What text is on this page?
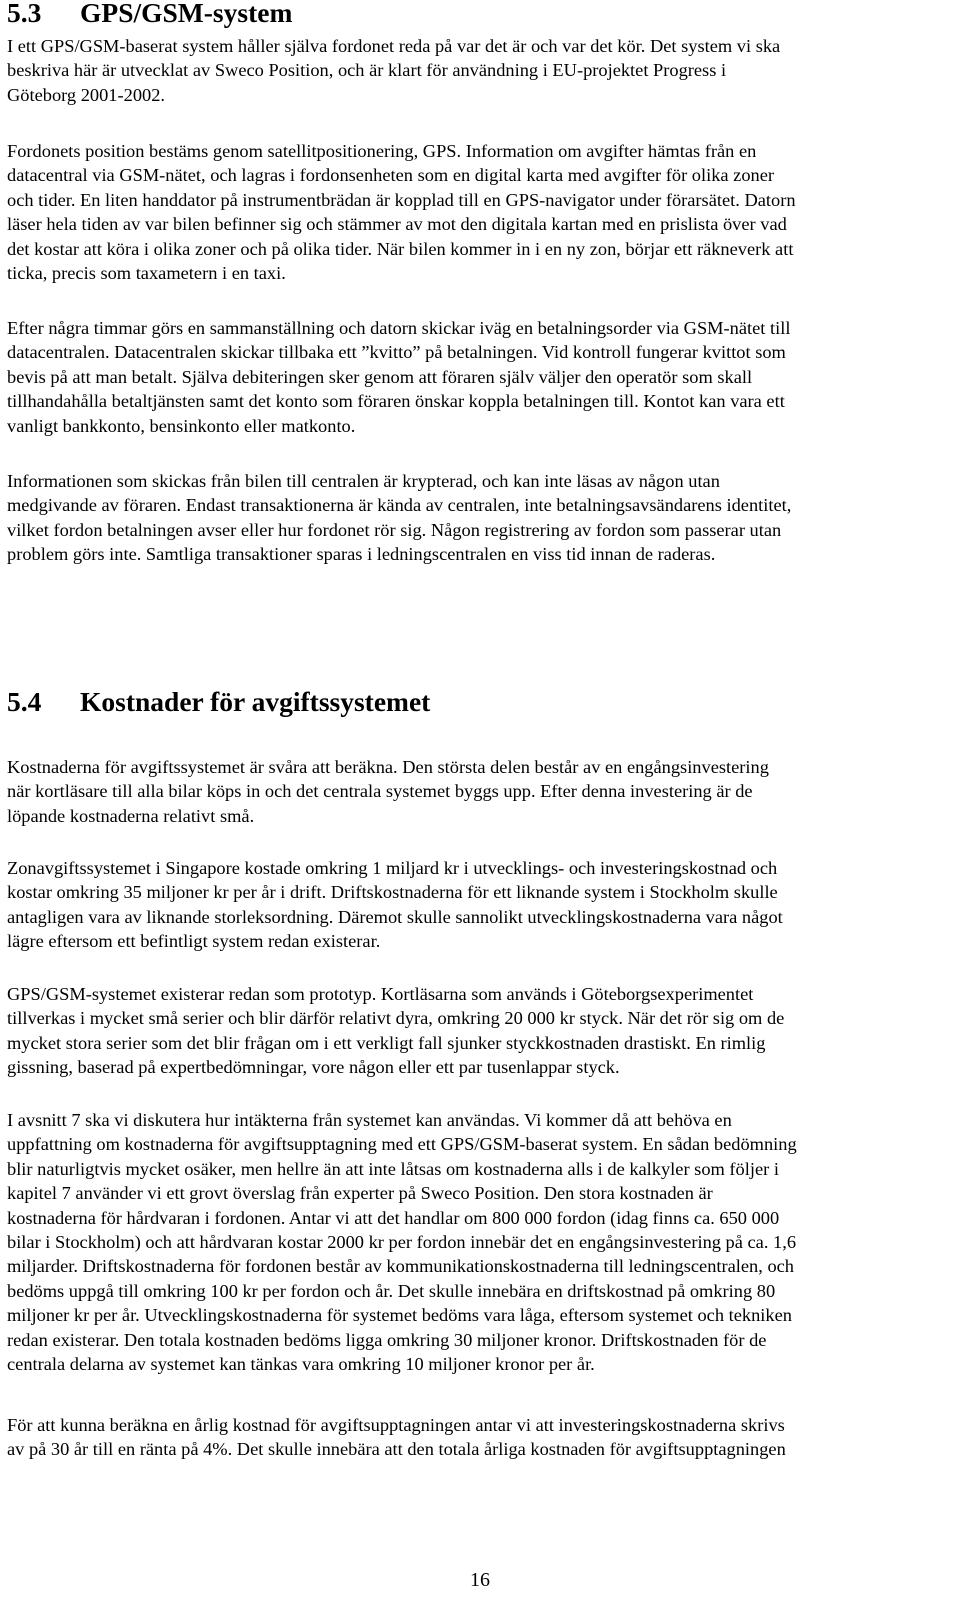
5.3 GPS/GSM-system
I ett GPS/GSM-baserat system håller själva fordonet reda på var det är och var det kör. Det system vi ska
beskriva här är utvecklat av Sweco Position, och är klart för användning i EU-projektet Progress i
Göteborg 2001-2002.
Fordonets position bestäms genom satellitpositionering, GPS. Information om avgifter hämtas från en
datacentral via GSM-nätet, och lagras i fordonsenheten som en digital karta med avgifter för olika zoner
och tider. En liten handdator på instrumentbrädan är kopplad till en GPS-navigator under förarsätet. Datorn
läser hela tiden av var bilen befinner sig och stämmer av mot den digitala kartan med en prislista över vad
det kostar att köra i olika zoner och på olika tider. När bilen kommer in i en ny zon, börjar ett räkneverk att
ticka, precis som taxametern i en taxi.
Efter några timmar görs en sammanställning och datorn skickar iväg en betalningsorder via GSM-nätet till
datacentralen. Datacentralen skickar tillbaka ett ”kvitto” på betalningen. Vid kontroll fungerar kvittot som
bevis på att man betalt. Själva debiteringen sker genom att föraren själv väljer den operatör som skall
tillhandahålla betaltjänsten samt det konto som föraren önskar koppla betalningen till. Kontot kan vara ett
vanligt bankkonto, bensinkonto eller matkonto.
Informationen som skickas från bilen till centralen är krypterad, och kan inte läsas av någon utan
medgivande av föraren. Endast transaktionerna är kända av centralen, inte betalningsavsändarens identitet,
vilket fordon betalningen avser eller hur fordonet rör sig. Någon registrering av fordon som passerar utan
problem görs inte. Samtliga transaktioner sparas i ledningscentralen en viss tid innan de raderas.
5.4 Kostnader för avgiftssystemet
Kostnaderna för avgiftssystemet är svåra att beräkna. Den största delen består av en engångsinvestering
när kortläsare till alla bilar köps in och det centrala systemet byggs upp. Efter denna investering är de
löpande kostnaderna relativt små.
Zonavgiftssystemet i Singapore kostade omkring 1 miljard kr i utvecklings- och investeringskostnad och
kostar omkring 35 miljoner kr per år i drift. Driftskostnaderna för ett liknande system i Stockholm skulle
antagligen vara av liknande storleksordning. Däremot skulle sannolikt utvecklingskostnaderna vara något
lägre eftersom ett befintligt system redan existerar.
GPS/GSM-systemet existerar redan som prototyp. Kortläsarna som används i Göteborgsexperimentet
tillverkas i mycket små serier och blir därför relativt dyra, omkring 20 000 kr styck. När det rör sig om de
mycket stora serier som det blir frågan om i ett verkligt fall sjunker styckkostnaden drastiskt. En rimlig
gissning, baserad på expertbedömningar, vore någon eller ett par tusenlappar styck.
I avsnitt 7 ska vi diskutera hur intäkterna från systemet kan användas. Vi kommer då att behöva en
uppfattning om kostnaderna för avgiftsupptagning med ett GPS/GSM-baserat system. En sådan bedömning
blir naturligtvis mycket osäker, men hellre än att inte låtsas om kostnaderna alls i de kalkyler som följer i
kapitel 7 använder vi ett grovt överslag från experter på Sweco Position. Den stora kostnaden är
kostnaderna för hårdvaran i fordonen. Antar vi att det handlar om 800 000 fordon (idag finns ca. 650 000
bilar i Stockholm) och att hårdvaran kostar 2000 kr per fordon innebär det en engångsinvestering på ca. 1,6
miljarder. Driftskostnaderna för fordonen består av kommunikationskostnaderna till ledningscentralen, och
bedöms uppgå till omkring 100 kr per fordon och år. Det skulle innebära en driftskostnad på omkring 80
miljoner kr per år. Utvecklingskostnaderna för systemet bedöms vara låga, eftersom systemet och tekniken
redan existerar. Den totala kostnaden bedöms ligga omkring 30 miljoner kronor. Driftskostnaden för de
centrala delarna av systemet kan tänkas vara omkring 10 miljoner kronor per år.
För att kunna beräkna en årlig kostnad för avgiftsupptagningen antar vi att investeringskostnaderna skrivs
av på 30 år till en ränta på 4%. Det skulle innebära att den totala årliga kostnaden för avgiftsupptagningen
16
